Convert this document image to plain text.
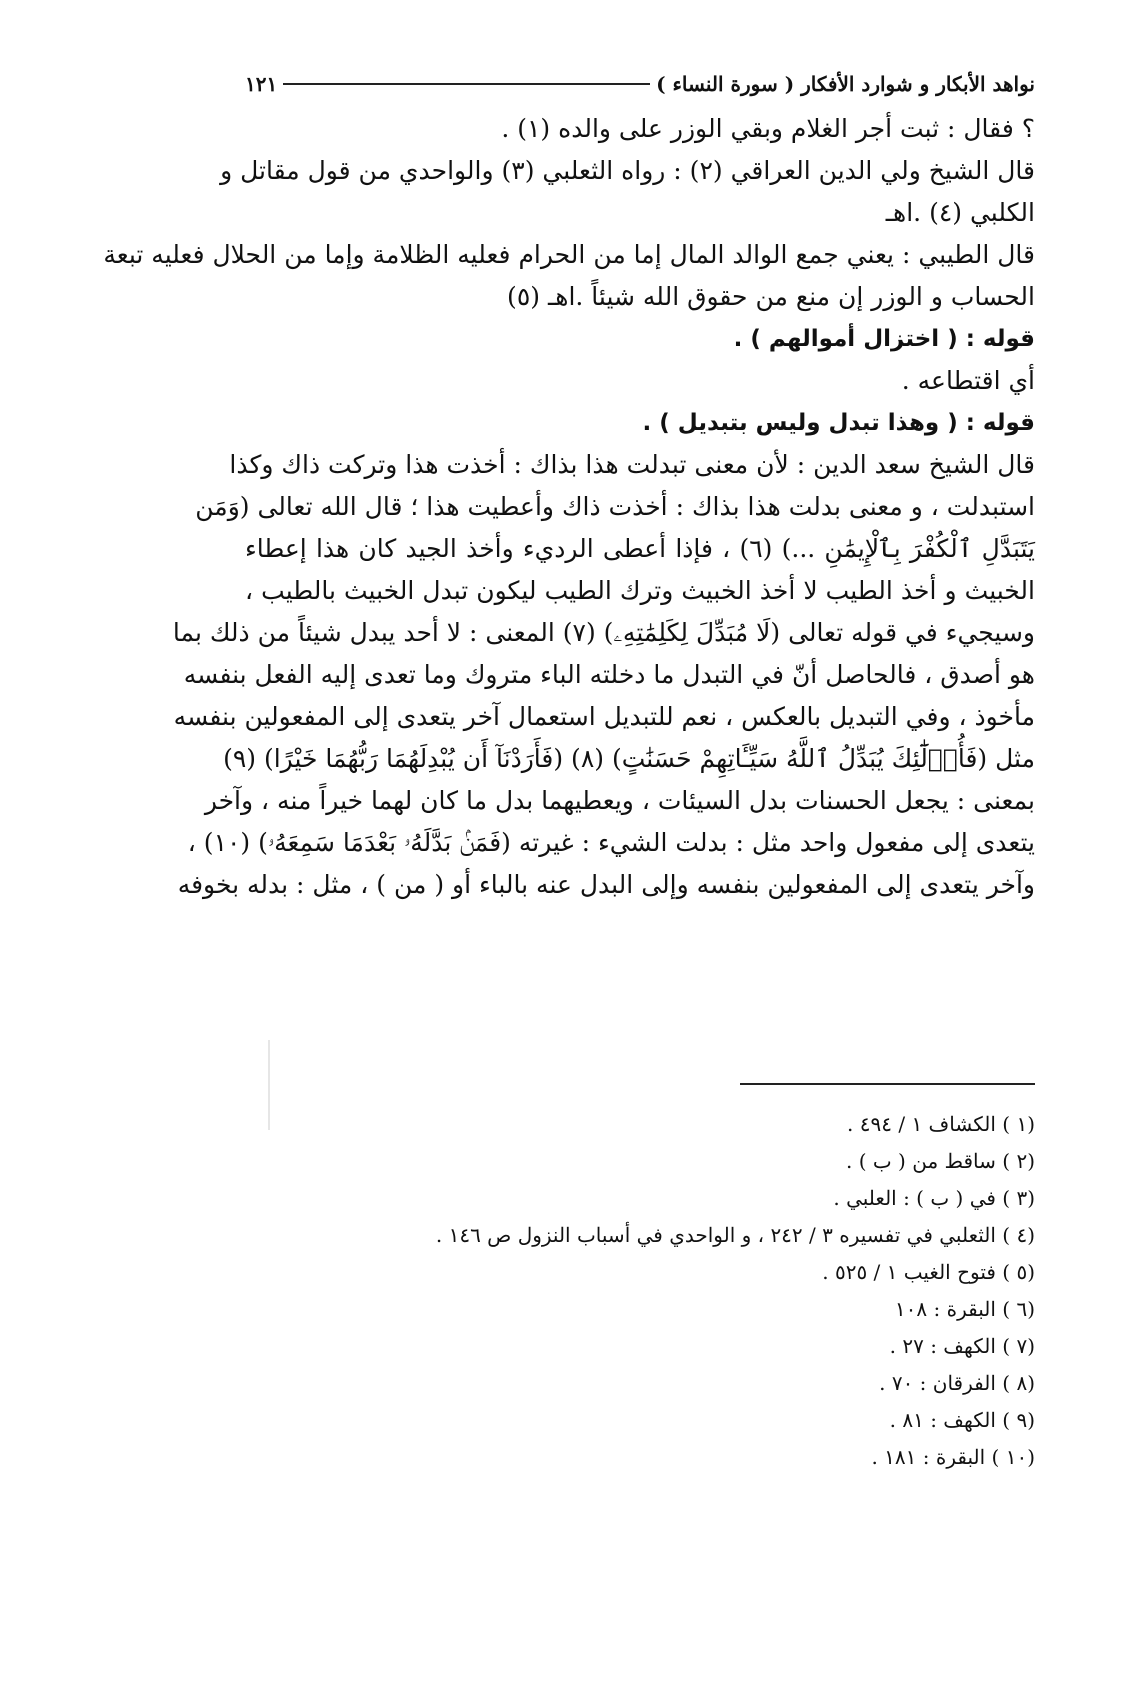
نواهد الأبكار و شوارد الأفكار ( سورة النساء )
١٢١
؟ فقال : ثبت أجر الغلام وبقي الوزر على والده (١) .
قال الشيخ ولي الدين العراقي (٢) : رواه الثعلبي (٣) والواحدي من قول مقاتل و
الكلبي (٤) .اهـ
قال الطيبي : يعني جمع الوالد المال إما من الحرام فعليه الظلامة وإما من الحلال فعليه تبعة
الحساب و الوزر إن منع من حقوق الله شيئاً .اهـ (٥)
قوله : ( اختزال أموالهم ) .
أي اقتطاعه .
قوله : ( وهذا تبدل وليس بتبديل ) .
قال الشيخ سعد الدين : لأن معنى تبدلت هذا بذاك : أخذت هذا وتركت ذاك وكذا
استبدلت ، و معنى بدلت هذا بذاك : أخذت ذاك وأعطيت هذا ؛ قال الله تعالى (وَمَن
يَتَبَدَّلِ ٱلْكُفْرَ بِٱلْإِيمَٰنِ ...) (٦) ، فإذا أعطى الرديء وأخذ الجيد كان هذا إعطاء
الخبيث و أخذ الطيب لا أخذ الخبيث وترك الطيب ليكون تبدل الخبيث بالطيب ،
وسيجيء في قوله تعالى (لَا مُبَدِّلَ لِكَلِمَٰتِهِۦ) (٧) المعنى : لا أحد يبدل شيئاً من ذلك بما
هو أصدق ، فالحاصل أنّ في التبدل ما دخلته الباء متروك وما تعدى إليه الفعل بنفسه
مأخوذ ، وفي التبديل بالعكس ، نعم للتبديل استعمال آخر يتعدى إلى المفعولين بنفسه
مثل (فَأُو۟لَٰٓئِكَ يُبَدِّلُ ٱللَّهُ سَيِّـَٔاتِهِمْ حَسَنَٰتٍ) (٨) (فَأَرَدْنَآ أَن يُبْدِلَهُمَا رَبُّهُمَا خَيْرًا) (٩)
بمعنى : يجعل الحسنات بدل السيئات ، ويعطيهما بدل ما كان لهما خيراً منه ، وآخر
يتعدى إلى مفعول واحد مثل : بدلت الشيء : غيرته (فَمَنۢ بَدَّلَهُۥ بَعْدَمَا سَمِعَهُۥ) (١٠) ،
وآخر يتعدى إلى المفعولين بنفسه وإلى البدل عنه بالباء أو ( من ) ، مثل : بدله بخوفه
(١ ) الكشاف ١ / ٤٩٤ .
(٢ ) ساقط من ( ب ) .
(٣ ) في ( ب ) : العلبي .
(٤ ) الثعلبي في تفسيره ٣ / ٢٤٢ ، و الواحدي في أسباب النزول ص ١٤٦ .
(٥ ) فتوح الغيب ١ / ٥٢٥ .
(٦ ) البقرة : ١٠٨
(٧ ) الكهف : ٢٧ .
(٨ ) الفرقان : ٧٠ .
(٩ ) الكهف : ٨١ .
(١٠ ) البقرة : ١٨١ .
